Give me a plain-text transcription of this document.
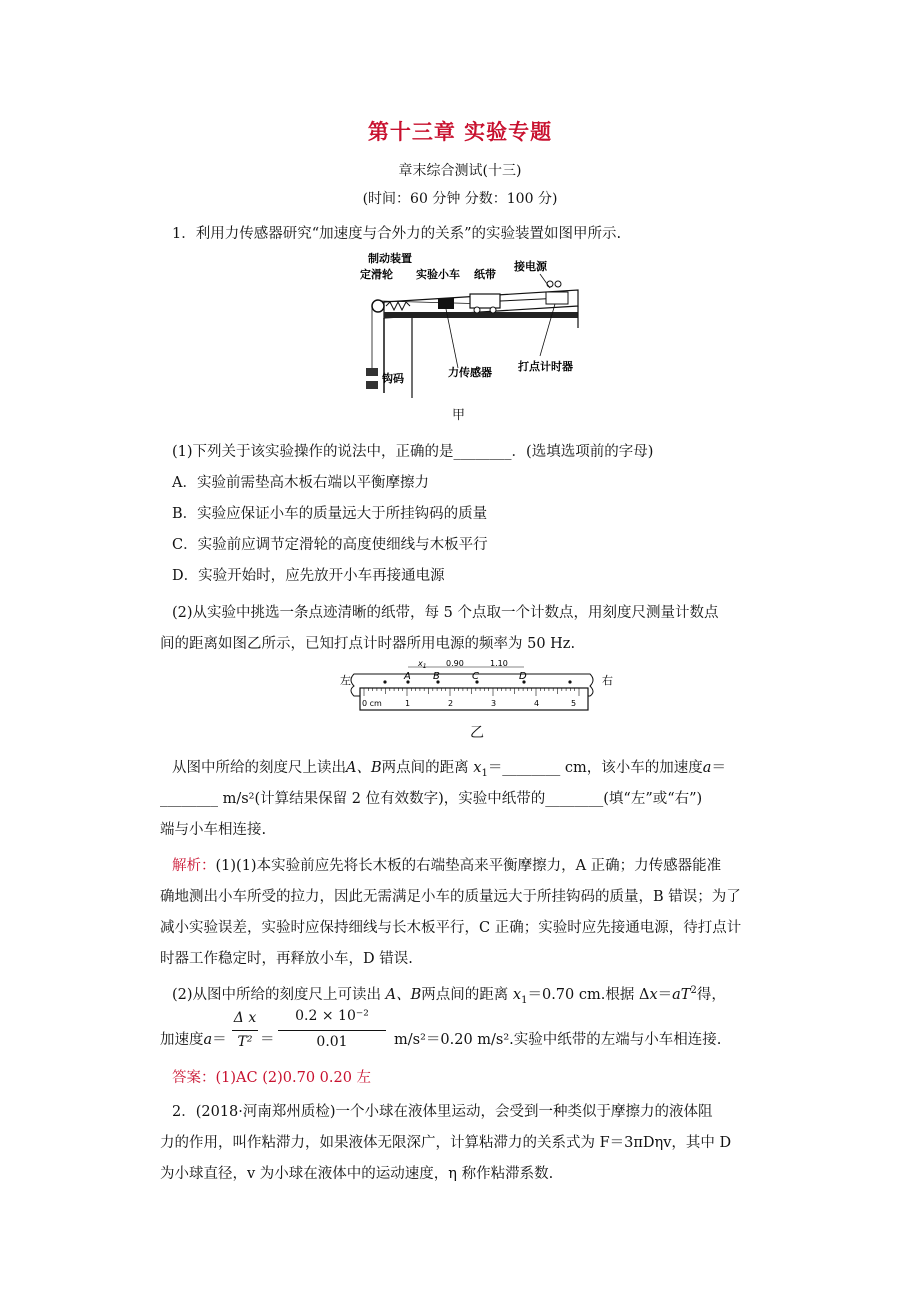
第十三章 实验专题
章末综合测试(十三)
(时间：60 分钟 分数：100 分)
1．利用力传感器研究“加速度与合外力的关系”的实验装置如图甲所示.
制动装置
定滑轮 实验小车 纸带
接电源
钩码	力传感器 打点计时器
甲
(1)下列关于该实验操作的说法中，正确的是________．(选填选项前的字母)
A．实验前需垫高木板右端以平衡摩擦力
B．实验应保证小车的质量远大于所挂钩码的质量
C．实验前应调节定滑轮的高度使细线与木板平行
D．实验开始时，应先放开小车再接通电源
(2)从实验中挑选一条点迹清晰的纸带，每 5 个点取一个计数点，用刻度尺测量计数点
间的距离如图乙所示，已知打点计时器所用电源的频率为 50 Hz.
左	右
0 cm	1	2	3	4	5
A B	C	D
$x_1$ 0.90	1.10
乙
从图中所给的刻度尺上读出A、B两点间的距离 $x_1=\_\_\_\_\_\_\_\_$ cm，该小车的加速度a＝
________ m/s²(计算结果保留 2 位有效数字)，实验中纸带的________(填“左”或“右”)
端与小车相连接.
解析：(1)(1)本实验前应先将长木板的右端垫高来平衡摩擦力，A 正确；力传感器能准
确地测出小车所受的拉力，因此无需满足小车的质量远大于所挂钩码的质量，B 错误；为了
减小实验误差，实验时应保持细线与长木板平行，C 正确；实验时应先接通电源，待打点计
时器工作稳定时，再释放小车，D 错误.
(2)从图中所给的刻度尺上可读出 A、B两点间的距离 $x_1=0.70$ cm.根据 $\Delta x=aT^2$得，
加速度a＝
Δ x
T² ＝
0.2 × 10⁻²
0.01	m/s²＝0.20 m/s².实验中纸带的左端与小车相连接.
答案：(1)AC (2)0.70 0.20 左
2．(2018·河南郑州质检)一个小球在液体里运动，会受到一种类似于摩擦力的液体阻
力的作用，叫作粘滞力，如果液体无限深广，计算粘滞力的关系式为 F＝3πDηv，其中 D
为小球直径，v 为小球在液体中的运动速度，η 称作粘滞系数.
